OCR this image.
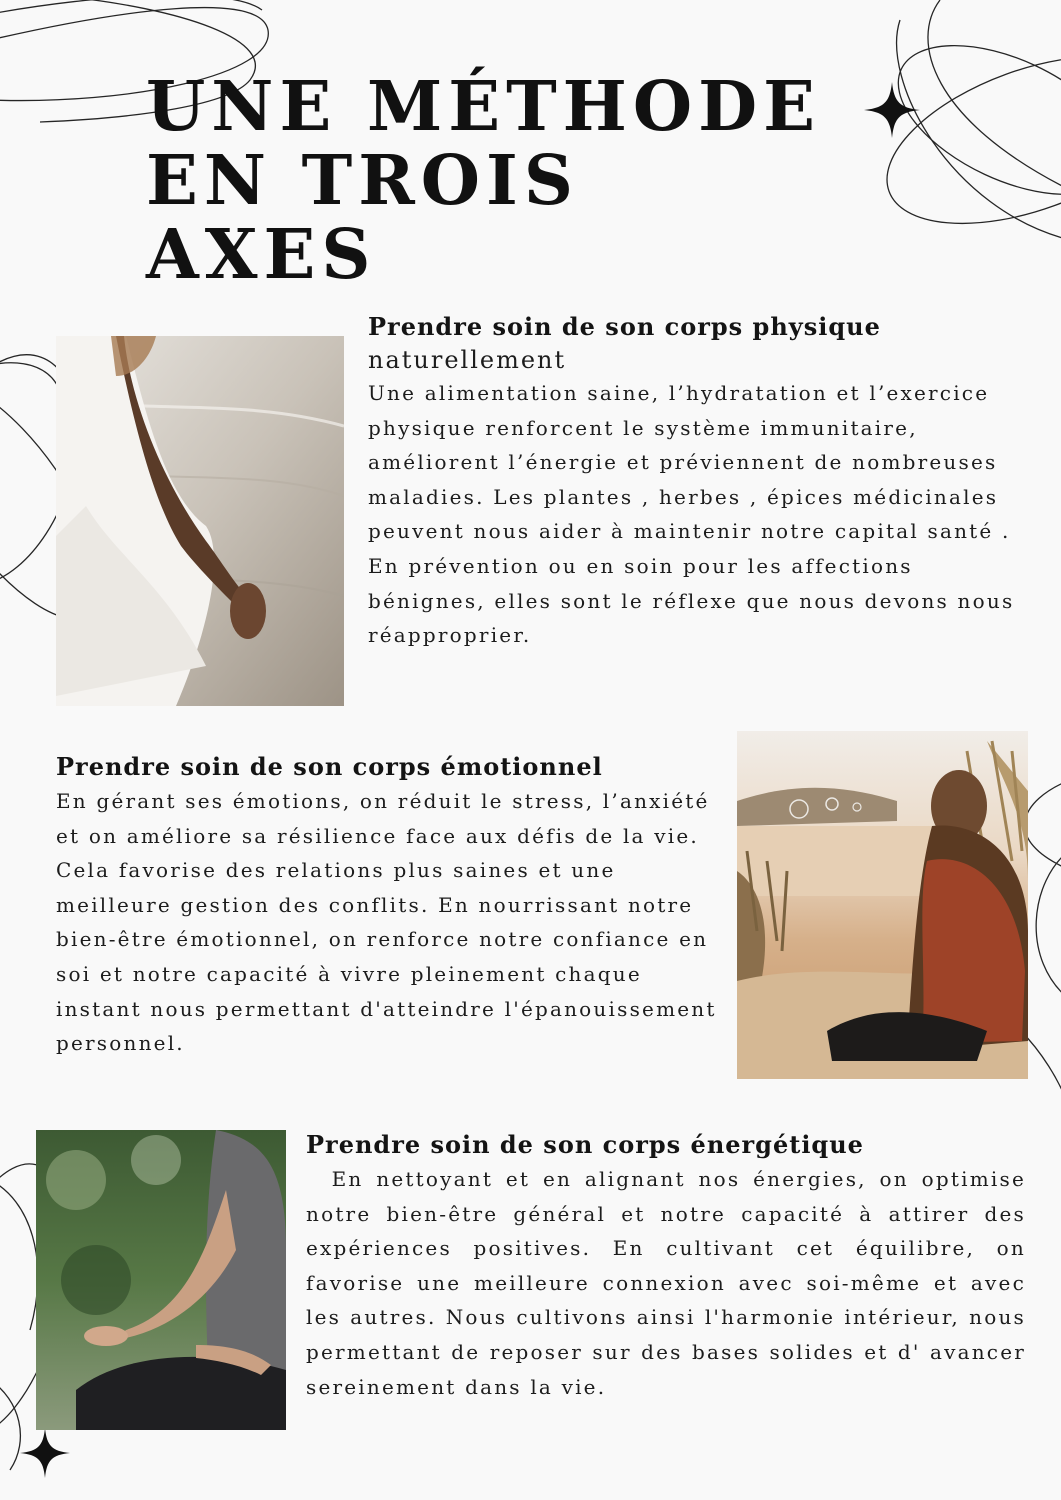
UNE MÉTHODE
EN TROIS
AXES
Prendre soin de son corps physique

naturellement

Une alimentation saine, l’hydratation et l’exercice physique renforcent le système immunitaire, améliorent l’énergie et préviennent de nombreuses maladies. Les plantes , herbes , épices médicinales peuvent nous aider à maintenir notre capital santé . En prévention ou en soin pour les affections bénignes, elles sont le réflexe que nous devons nous réapproprier.

Prendre soin de son corps émotionnel

En gérant ses émotions, on réduit le stress, l’anxiété et on améliore sa résilience face aux défis de la vie. Cela favorise des relations plus saines et une meilleure gestion des conflits. En nourrissant notre bien-être émotionnel, on renforce notre confiance en soi et notre capacité à vivre pleinement chaque instant nous permettant d'atteindre l'épanouissement personnel.

Prendre soin de son corps énergétique

En nettoyant et en alignant nos énergies, on optimise notre bien-être général et notre capacité à attirer des expériences positives. En cultivant cet équilibre, on favorise une meilleure connexion avec soi-même et avec les autres. Nous cultivons ainsi l'harmonie intérieur, nous permettant de reposer sur des bases solides et d' avancer sereinement dans la vie.
